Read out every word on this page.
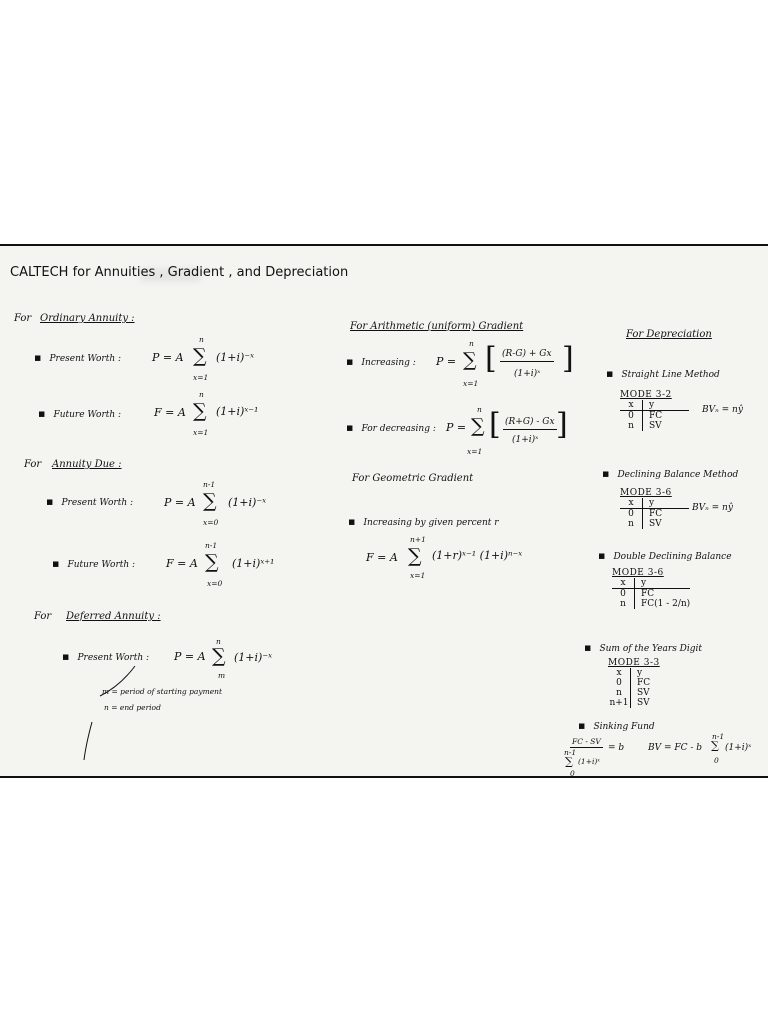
CALTECH for Annuities , Gradient , and Depreciation
For Ordinary Annuity :
▪ Present Worth :	P = A
n
∑
x=1
(1+i)⁻ˣ
▪ Future Worth :	F = A
n
∑
x=1
(1+i)ˣ⁻¹
For Annuity Due :
▪ Present Worth :	P = A
n-1
∑
x=0
(1+i)⁻ˣ
▪ Future Worth :	F = A
n-1
∑
x=0
(1+i)ˣ⁺¹
For Deferred Annuity :
▪ Present Worth : P = A
n
∑
m
(1+i)⁻ˣ
m = period of starting payment
n = end period
For Arithmetic (uniform) Gradient
▪ Increasing : P =
n
∑
x=1
[ (R-G) + Gx
(1+i)ˣ ]
▪ For decreasing : P =
n
∑
x=1
[ (R+G) - Gx
(1+i)ˣ ]
For Geometric Gradient
▪ Increasing by given percent r
F = A
n+1
∑
x=1
(1+r)ˣ⁻¹ (1+i)ⁿ⁻ˣ
For Depreciation
▪ Straight Line Method
MODE 3-2
x	y
0	FC
n	SV
BVₙ = nŷ
▪ Declining Balance Method
MODE 3-6
x	y
0	FC
n	SV
BVₙ = nŷ
▪ Double Declining Balance
MODE 3-6
x	y
0	FC
n	FC(1 - 2/n)
▪ Sum of the Years Digit
MODE 3-3
x	y
0	FC
n	SV
n+1 SV
▪ Sinking Fund
FC - SV
n-1
∑ (1+i)ˣ
0
= b	BV = FC - b
n-1
∑
0
(1+i)ˣ
